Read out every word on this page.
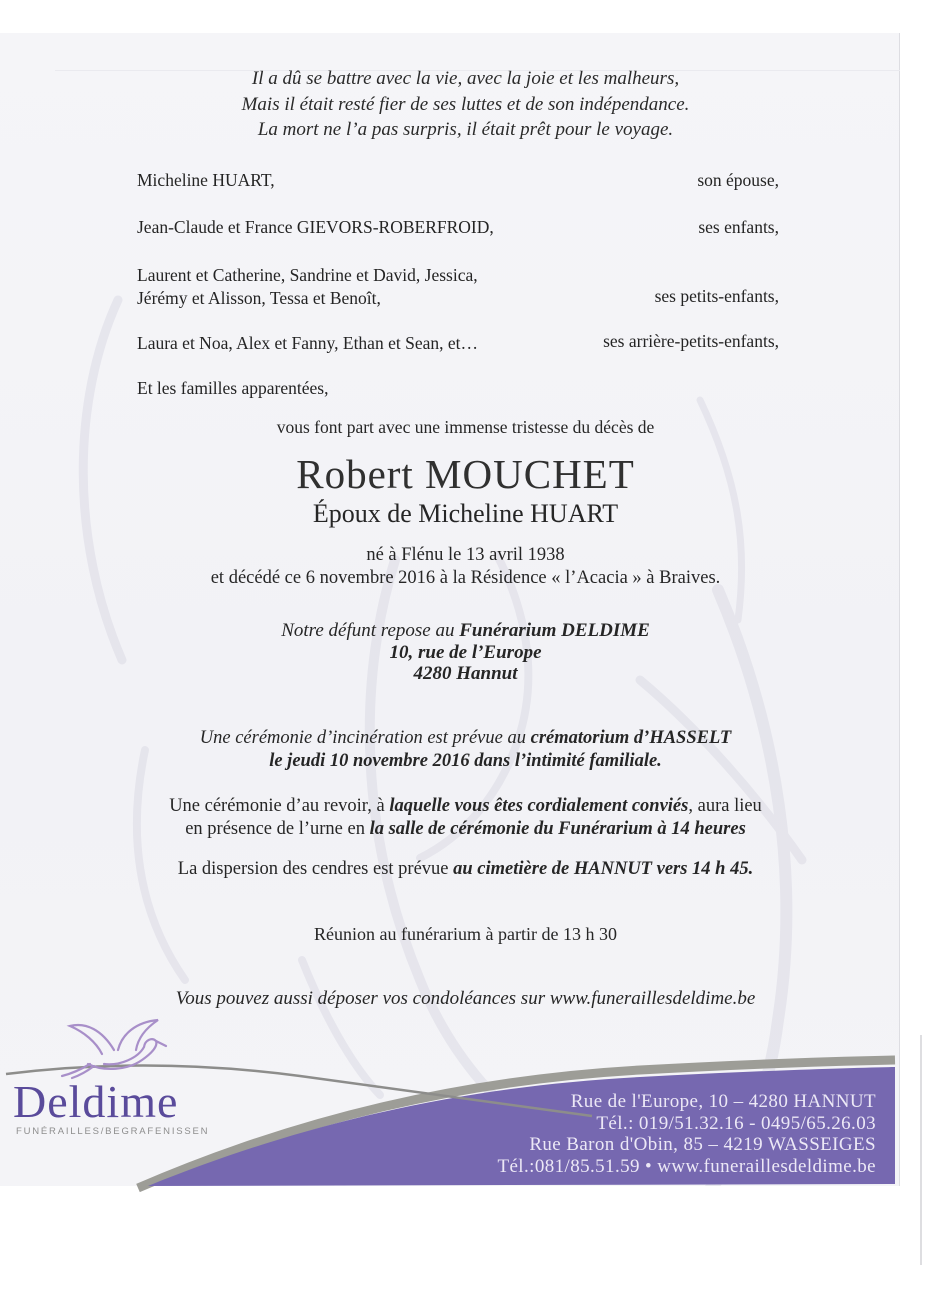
Il a dû se battre avec la vie, avec la joie et les malheurs,
Mais il était resté fier de ses luttes et de son indépendance.
La mort ne l’a pas surpris, il était prêt pour le voyage.
Micheline HUART,	son épouse,
Jean-Claude et France GIEVORS-ROBERFROID,	ses enfants,
Laurent et Catherine, Sandrine et David, Jessica,
Jérémy et Alisson, Tessa et Benoît,	ses petits-enfants,
Laura et Noa, Alex et Fanny, Ethan et Sean, et…	ses arrière-petits-enfants,
Et les familles apparentées,
vous font part avec une immense tristesse du décès de
Robert MOUCHET
Époux de Micheline HUART
né à Flénu le 13 avril 1938
et décédé ce 6 novembre 2016 à la Résidence « l’Acacia » à Braives.
Notre défunt repose au Funérarium DELDIME
10, rue de l’Europe
4280 Hannut
Une cérémonie d’incinération est prévue au crématorium d’HASSELT
le jeudi 10 novembre 2016 dans l’intimité familiale.
Une cérémonie d’au revoir, à laquelle vous êtes cordialement conviés, aura lieu
en présence de l’urne en la salle de cérémonie du Funérarium à 14 heures
La dispersion des cendres est prévue au cimetière de HANNUT vers 14 h 45.
Réunion au funérarium à partir de 13 h 30
Vous pouvez aussi déposer vos condoléances sur www.funeraillesdeldime.be
Deldime
FUNÉRAILLES/BEGRAFENISSEN
Rue de l'Europe, 10 – 4280 HANNUT
Tél.: 019/51.32.16 - 0495/65.26.03
Rue Baron d'Obin, 85 – 4219 WASSEIGES
Tél.:081/85.51.59 • www.funeraillesdeldime.be
